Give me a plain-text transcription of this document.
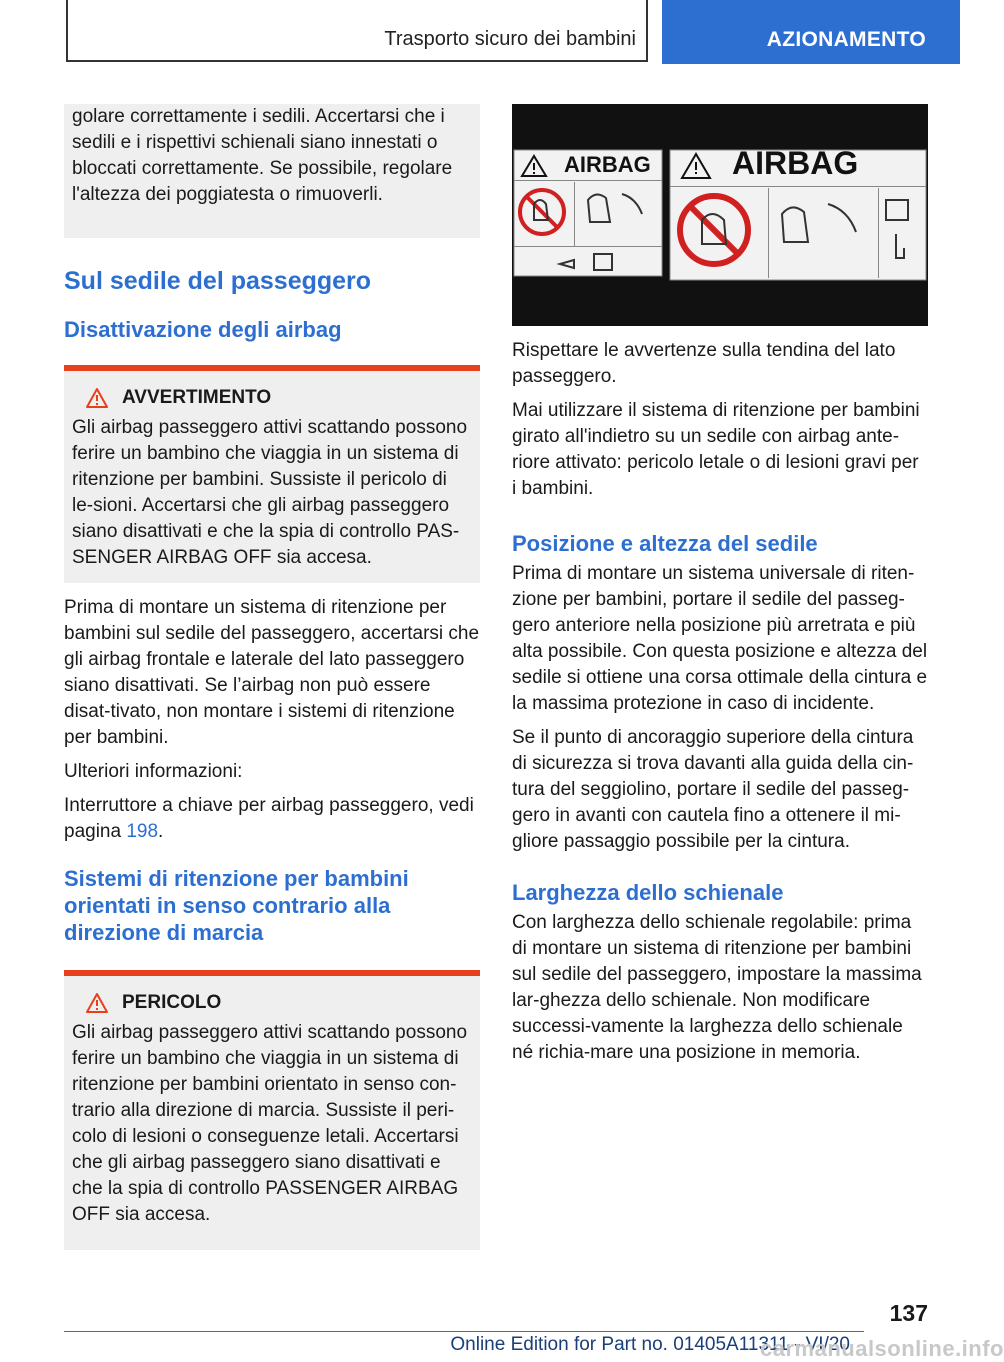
Trasporto sicuro dei bambini	AZIONAMENTO

golare correttamente i sedili. Accertarsi che i sedili e i rispettivi schienali siano innestati o bloccati correttamente. Se possibile, regolare l'altezza dei poggiatesta o rimuoverli.

Sul sedile del passeggero
Disattivazione degli airbag
AVVERTIMENTO

Gli airbag passeggero attivi scattando possono ferire un bambino che viaggia in un sistema di ritenzione per bambini. Sussiste il pericolo di le-sioni. Accertarsi che gli airbag passeggero siano disattivati e che la spia di controllo PAS-SENGER AIRBAG OFF sia accesa.

Prima di montare un sistema di ritenzione per bambini sul sedile del passeggero, accertarsi che gli airbag frontale e laterale del lato passeggero siano disattivati. Se l’airbag non può essere disat-tivato, non montare i sistemi di ritenzione per bambini.

Ulteriori informazioni:

Interruttore a chiave per airbag passeggero, vedi pagina 198.

Sistemi di ritenzione per bambini orientati in senso contrario alla direzione di marcia
PERICOLO

Gli airbag passeggero attivi scattando possono ferire un bambino che viaggia in un sistema di ritenzione per bambini orientato in senso con-trario alla direzione di marcia. Sussiste il peri-colo di lesioni o conseguenze letali. Accertarsi che gli airbag passeggero siano disattivati e che la spia di controllo PASSENGER AIRBAG OFF sia accesa.

AIRBAG	AIRBAG

Rispettare le avvertenze sulla tendina del lato passeggero.

Mai utilizzare il sistema di ritenzione per bambini girato all'indietro su un sedile con airbag ante-riore attivato: pericolo letale o di lesioni gravi per i bambini.

Posizione e altezza del sedile

Prima di montare un sistema universale di riten-zione per bambini, portare il sedile del passeg-gero anteriore nella posizione più arretrata e più alta possibile. Con questa posizione e altezza del sedile si ottiene una corsa ottimale della cintura e la massima protezione in caso di incidente.

Se il punto di ancoraggio superiore della cintura di sicurezza si trova davanti alla guida della cin-tura del seggiolino, portare il sedile del passeg-gero in avanti con cautela fino a ottenere il mi-gliore passaggio possibile per la cintura.

Larghezza dello schienale

Con larghezza dello schienale regolabile: prima di montare un sistema di ritenzione per bambini sul sedile del passeggero, impostare la massima lar-ghezza dello schienale. Non modificare successi-vamente la larghezza dello schienale né richia-mare una posizione in memoria.

137
Online Edition for Part no. 01405A11311 - VI/20
carmanualsonline.info
